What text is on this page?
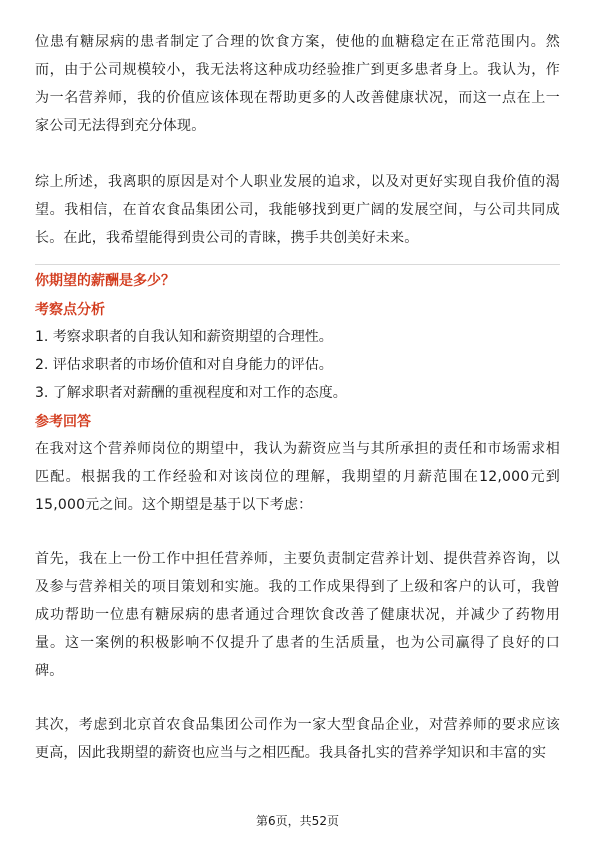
位患有糖尿病的患者制定了合理的饮食方案，使他的血糖稳定在正常范围内。然而，由于公司规模较小，我无法将这种成功经验推广到更多患者身上。我认为，作为一名营养师，我的价值应该体现在帮助更多的人改善健康状况，而这一点在上一家公司无法得到充分体现。

综上所述，我离职的原因是对个人职业发展的追求，以及对更好实现自我价值的渴望。我相信，在首农食品集团公司，我能够找到更广阔的发展空间，与公司共同成长。在此，我希望能得到贵公司的青睐，携手共创美好未来。

你期望的薪酬是多少？

考察点分析

1. 考察求职者的自我认知和薪资期望的合理性。
2. 评估求职者的市场价值和对自身能力的评估。
3. 了解求职者对薪酬的重视程度和对工作的态度。

参考回答

在我对这个营养师岗位的期望中，我认为薪资应当与其所承担的责任和市场需求相匹配。根据我的工作经验和对该岗位的理解，我期望的月薪范围在12,000元到15,000元之间。这个期望是基于以下考虑：

首先，我在上一份工作中担任营养师，主要负责制定营养计划、提供营养咨询，以及参与营养相关的项目策划和实施。我的工作成果得到了上级和客户的认可，我曾成功帮助一位患有糖尿病的患者通过合理饮食改善了健康状况，并减少了药物用量。这一案例的积极影响不仅提升了患者的生活质量，也为公司赢得了良好的口碑。

其次，考虑到北京首农食品集团公司作为一家大型食品企业，对营养师的要求应该更高，因此我期望的薪资也应当与之相匹配。我具备扎实的营养学知识和丰富的实

第6页，共52页
